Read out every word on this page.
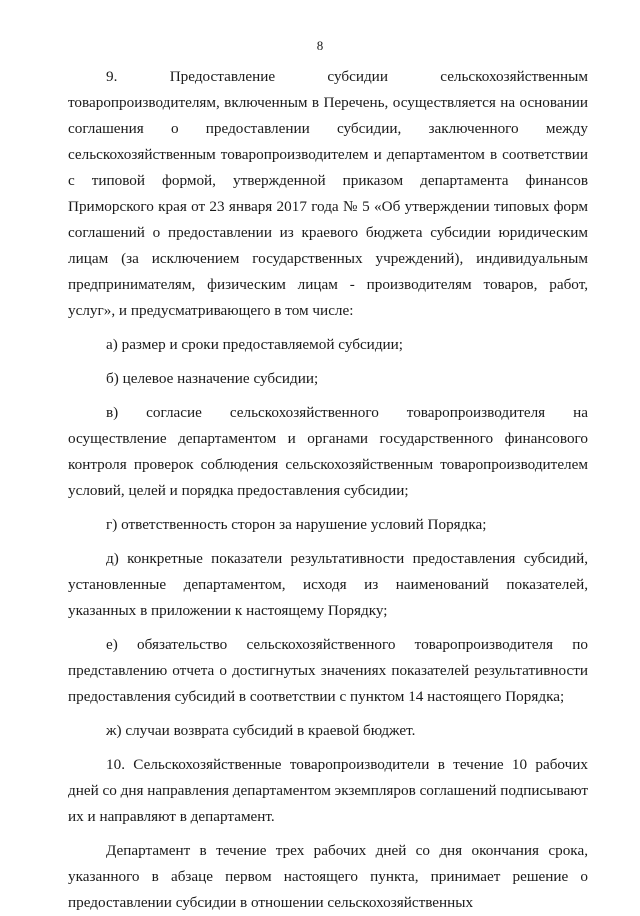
8

9. Предоставление субсидии сельскохозяйственным товаропроизводителям, включенным в Перечень, осуществляется на основании соглашения о предоставлении субсидии, заключенного между сельскохозяйственным товаропроизводителем и департаментом в соответствии с типовой формой, утвержденной приказом департамента финансов Приморского края от 23 января 2017 года № 5 «Об утверждении типовых форм соглашений о предоставлении из краевого бюджета субсидии юридическим лицам (за исключением государственных учреждений), индивидуальным предпринимателям, физическим лицам - производителям товаров, работ, услуг», и предусматривающего в том числе:

а) размер и сроки предоставляемой субсидии;

б) целевое назначение субсидии;

в) согласие сельскохозяйственного товаропроизводителя на осуществление департаментом и органами государственного финансового контроля проверок соблюдения сельскохозяйственным товаропроизводителем условий, целей и порядка предоставления субсидии;

г) ответственность сторон за нарушение условий Порядка;

д) конкретные показатели результативности предоставления субсидий, установленные департаментом, исходя из наименований показателей, указанных в приложении к настоящему Порядку;

е) обязательство сельскохозяйственного товаропроизводителя по представлению отчета о достигнутых значениях показателей результативности предоставления субсидий в соответствии с пунктом 14 настоящего Порядка;

ж) случаи возврата субсидий в краевой бюджет.

10. Сельскохозяйственные товаропроизводители в течение 10 рабочих дней со дня направления департаментом экземпляров соглашений подписывают их и направляют в департамент.

Департамент в течение трех рабочих дней со дня окончания срока, указанного в абзаце первом настоящего пункта, принимает решение о предоставлении субсидии в отношении сельскохозяйственных
